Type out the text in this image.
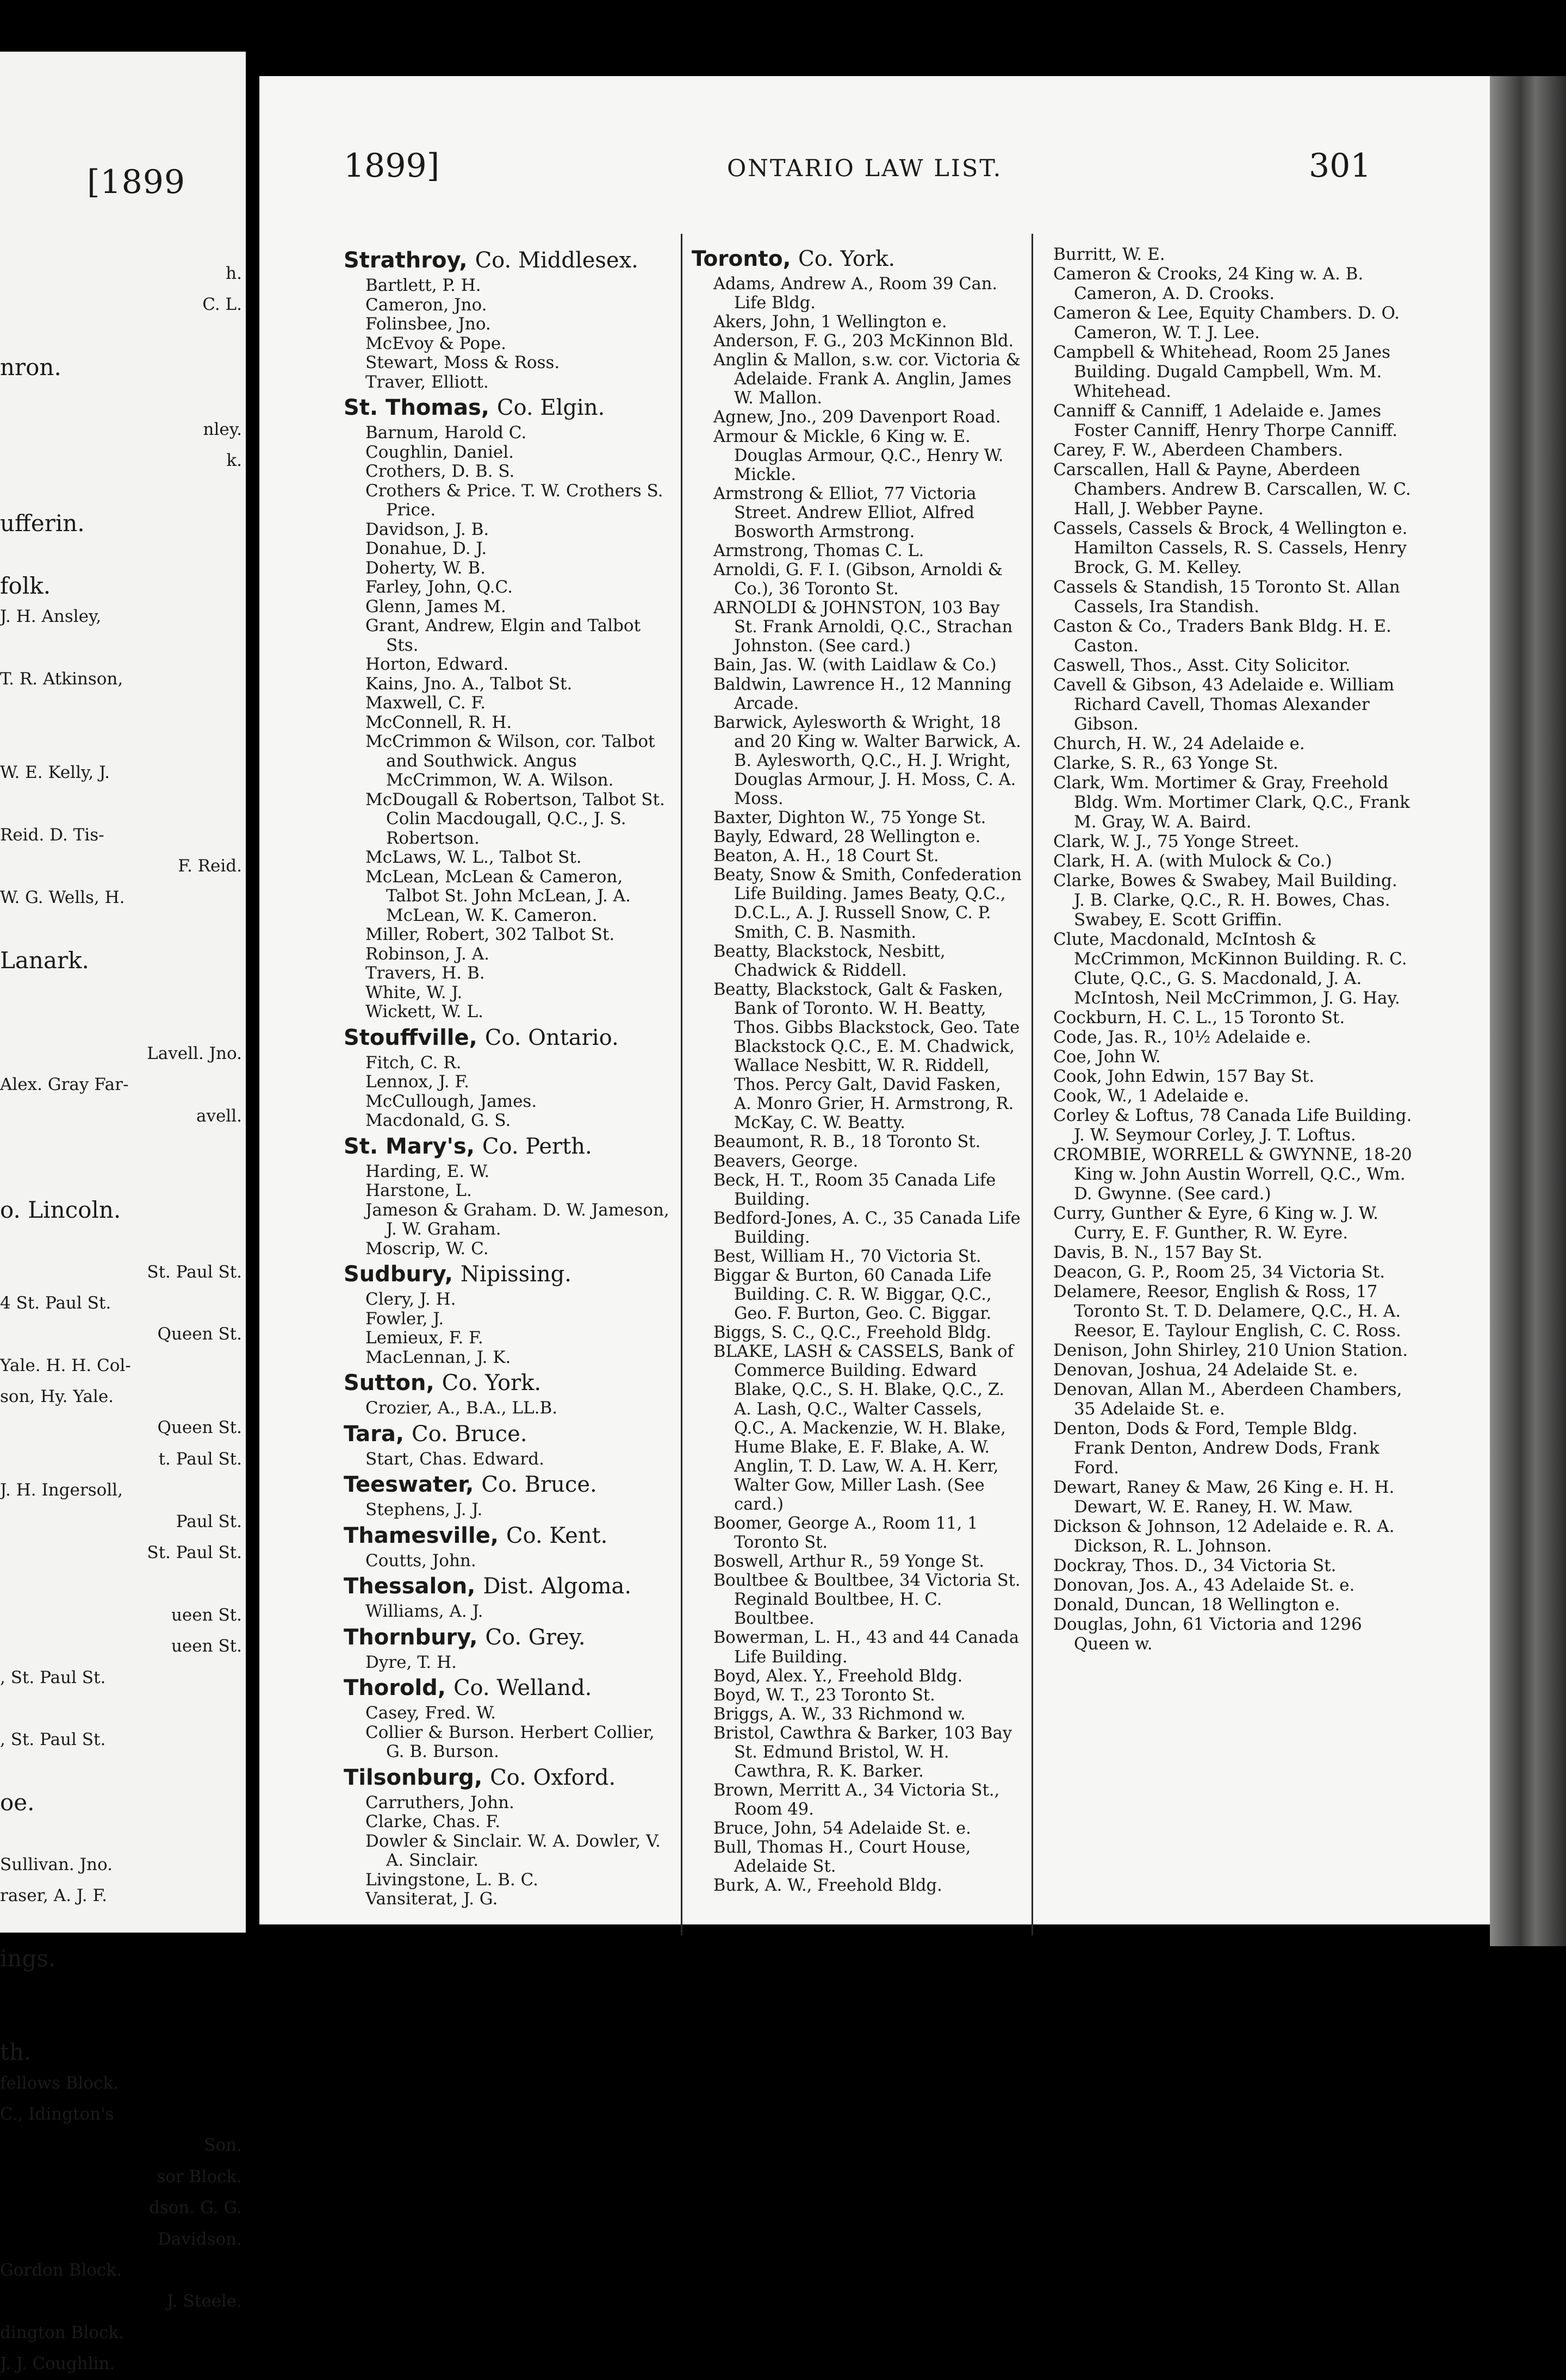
[1899
h.
C. L.
nron.
nley.
k.
ufferin.
folk.
J. H. Ansley,
T. R. Atkinson,
W. E. Kelly, J.
Reid. D. Tis-
F. Reid.
W. G. Wells, H.
Lanark.
Lavell. Jno.
Alex. Gray Far-
avell.
o. Lincoln.
St. Paul St.
4 St. Paul St.
Queen St.
Yale. H. H. Col-
son, Hy. Yale.
Queen St.
t. Paul St.
J. H. Ingersoll,
Paul St.
St. Paul St.
ueen St.
ueen St.
, St. Paul St.
, St. Paul St.
oe.
Sullivan. Jno.
raser, A. J. F.
ings.
th.
fellows Block.
C., Idington's
Son.
sor Block.
dson. G. G.
Davidson.
Gordon Block.
J. Steele.
dington Block.
J. J. Coughlin.
1899]	ONTARIO LAW LIST.	301
Strathroy, Co. Middlesex.
Bartlett, P. H.
Cameron, Jno.
Folinsbee, Jno.
McEvoy & Pope.
Stewart, Moss & Ross.
Traver, Elliott.
St. Thomas, Co. Elgin.
Barnum, Harold C.
Coughlin, Daniel.
Crothers, D. B. S.
Crothers & Price. T. W. Crothers S. Price.
Davidson, J. B.
Donahue, D. J.
Doherty, W. B.
Farley, John, Q.C.
Glenn, James M.
Grant, Andrew, Elgin and Talbot Sts.
Horton, Edward.
Kains, Jno. A., Talbot St.
Maxwell, C. F.
McConnell, R. H.
McCrimmon & Wilson, cor. Talbot and Southwick. Angus McCrimmon, W. A. Wilson.
McDougall & Robertson, Talbot St. Colin Macdougall, Q.C., J. S. Robertson.
McLaws, W. L., Talbot St.
McLean, McLean & Cameron, Talbot St. John McLean, J. A. McLean, W. K. Cameron.
Miller, Robert, 302 Talbot St.
Robinson, J. A.
Travers, H. B.
White, W. J.
Wickett, W. L.
Stouffville, Co. Ontario.
Fitch, C. R.
Lennox, J. F.
McCullough, James.
Macdonald, G. S.
St. Mary's, Co. Perth.
Harding, E. W.
Harstone, L.
Jameson & Graham. D. W. Jameson, J. W. Graham.
Moscrip, W. C.
Sudbury, Nipissing.
Clery, J. H.
Fowler, J.
Lemieux, F. F.
MacLennan, J. K.
Sutton, Co. York.
Crozier, A., B.A., LL.B.
Tara, Co. Bruce.
Start, Chas. Edward.
Teeswater, Co. Bruce.
Stephens, J. J.
Thamesville, Co. Kent.
Coutts, John.
Thessalon, Dist. Algoma.
Williams, A. J.
Thornbury, Co. Grey.
Dyre, T. H.
Thorold, Co. Welland.
Casey, Fred. W.
Collier & Burson. Herbert Collier, G. B. Burson.
Tilsonburg, Co. Oxford.
Carruthers, John.
Clarke, Chas. F.
Dowler & Sinclair. W. A. Dowler, V. A. Sinclair.
Livingstone, L. B. C.
Vansiterat, J. G.
Toronto, Co. York.
Adams, Andrew A., Room 39 Can. Life Bldg.
Akers, John, 1 Wellington e.
Anderson, F. G., 203 McKinnon Bld.
Anglin & Mallon, s.w. cor. Victoria & Adelaide. Frank A. Anglin, James W. Mallon.
Agnew, Jno., 209 Davenport Road.
Armour & Mickle, 6 King w. E. Douglas Armour, Q.C., Henry W. Mickle.
Armstrong & Elliot, 77 Victoria Street. Andrew Elliot, Alfred Bosworth Armstrong.
Armstrong, Thomas C. L.
Arnoldi, G. F. I. (Gibson, Arnoldi & Co.), 36 Toronto St.
ARNOLDI & JOHNSTON, 103 Bay St. Frank Arnoldi, Q.C., Strachan Johnston. (See card.)
Bain, Jas. W. (with Laidlaw & Co.)
Baldwin, Lawrence H., 12 Manning Arcade.
Barwick, Aylesworth & Wright, 18 and 20 King w. Walter Barwick, A. B. Aylesworth, Q.C., H. J. Wright, Douglas Armour, J. H. Moss, C. A. Moss.
Baxter, Dighton W., 75 Yonge St.
Bayly, Edward, 28 Wellington e.
Beaton, A. H., 18 Court St.
Beaty, Snow & Smith, Confederation Life Building. James Beaty, Q.C., D.C.L., A. J. Russell Snow, C. P. Smith, C. B. Nasmith.
Beatty, Blackstock, Nesbitt, Chadwick & Riddell.
Beatty, Blackstock, Galt & Fasken, Bank of Toronto. W. H. Beatty, Thos. Gibbs Blackstock, Geo. Tate Blackstock Q.C., E. M. Chadwick, Wallace Nesbitt, W. R. Riddell, Thos. Percy Galt, David Fasken, A. Monro Grier, H. Armstrong, R. McKay, C. W. Beatty.
Beaumont, R. B., 18 Toronto St.
Beavers, George.
Beck, H. T., Room 35 Canada Life Building.
Bedford-Jones, A. C., 35 Canada Life Building.
Best, William H., 70 Victoria St.
Biggar & Burton, 60 Canada Life Building. C. R. W. Biggar, Q.C., Geo. F. Burton, Geo. C. Biggar.
Biggs, S. C., Q.C., Freehold Bldg.
BLAKE, LASH & CASSELS, Bank of Commerce Building. Edward Blake, Q.C., S. H. Blake, Q.C., Z. A. Lash, Q.C., Walter Cassels, Q.C., A. Mackenzie, W. H. Blake, Hume Blake, E. F. Blake, A. W. Anglin, T. D. Law, W. A. H. Kerr, Walter Gow, Miller Lash. (See card.)
Boomer, George A., Room 11, 1 Toronto St.
Boswell, Arthur R., 59 Yonge St.
Boultbee & Boultbee, 34 Victoria St. Reginald Boultbee, H. C. Boultbee.
Bowerman, L. H., 43 and 44 Canada Life Building.
Boyd, Alex. Y., Freehold Bldg.
Boyd, W. T., 23 Toronto St.
Briggs, A. W., 33 Richmond w.
Bristol, Cawthra & Barker, 103 Bay St. Edmund Bristol, W. H. Cawthra, R. K. Barker.
Brown, Merritt A., 34 Victoria St., Room 49.
Bruce, John, 54 Adelaide St. e.
Bull, Thomas H., Court House, Adelaide St.
Burk, A. W., Freehold Bldg.
Burritt, W. E.
Cameron & Crooks, 24 King w. A. B. Cameron, A. D. Crooks.
Cameron & Lee, Equity Chambers. D. O. Cameron, W. T. J. Lee.
Campbell & Whitehead, Room 25 Janes Building. Dugald Campbell, Wm. M. Whitehead.
Canniff & Canniff, 1 Adelaide e. James Foster Canniff, Henry Thorpe Canniff.
Carey, F. W., Aberdeen Chambers.
Carscallen, Hall & Payne, Aberdeen Chambers. Andrew B. Carscallen, W. C. Hall, J. Webber Payne.
Cassels, Cassels & Brock, 4 Wellington e. Hamilton Cassels, R. S. Cassels, Henry Brock, G. M. Kelley.
Cassels & Standish, 15 Toronto St. Allan Cassels, Ira Standish.
Caston & Co., Traders Bank Bldg. H. E. Caston.
Caswell, Thos., Asst. City Solicitor.
Cavell & Gibson, 43 Adelaide e. William Richard Cavell, Thomas Alexander Gibson.
Church, H. W., 24 Adelaide e.
Clarke, S. R., 63 Yonge St.
Clark, Wm. Mortimer & Gray, Freehold Bldg. Wm. Mortimer Clark, Q.C., Frank M. Gray, W. A. Baird.
Clark, W. J., 75 Yonge Street.
Clark, H. A. (with Mulock & Co.)
Clarke, Bowes & Swabey, Mail Building. J. B. Clarke, Q.C., R. H. Bowes, Chas. Swabey, E. Scott Griffin.
Clute, Macdonald, McIntosh & McCrimmon, McKinnon Building. R. C. Clute, Q.C., G. S. Macdonald, J. A. McIntosh, Neil McCrimmon, J. G. Hay.
Cockburn, H. C. L., 15 Toronto St.
Code, Jas. R., 10½ Adelaide e.
Coe, John W.
Cook, John Edwin, 157 Bay St.
Cook, W., 1 Adelaide e.
Corley & Loftus, 78 Canada Life Building. J. W. Seymour Corley, J. T. Loftus.
CROMBIE, WORRELL & GWYNNE, 18-20 King w. John Austin Worrell, Q.C., Wm. D. Gwynne. (See card.)
Curry, Gunther & Eyre, 6 King w. J. W. Curry, E. F. Gunther, R. W. Eyre.
Davis, B. N., 157 Bay St.
Deacon, G. P., Room 25, 34 Victoria St.
Delamere, Reesor, English & Ross, 17 Toronto St. T. D. Delamere, Q.C., H. A. Reesor, E. Taylour English, C. C. Ross.
Denison, John Shirley, 210 Union Station.
Denovan, Joshua, 24 Adelaide St. e.
Denovan, Allan M., Aberdeen Chambers, 35 Adelaide St. e.
Denton, Dods & Ford, Temple Bldg. Frank Denton, Andrew Dods, Frank Ford.
Dewart, Raney & Maw, 26 King e. H. H. Dewart, W. E. Raney, H. W. Maw.
Dickson & Johnson, 12 Adelaide e. R. A. Dickson, R. L. Johnson.
Dockray, Thos. D., 34 Victoria St.
Donovan, Jos. A., 43 Adelaide St. e.
Donald, Duncan, 18 Wellington e.
Douglas, John, 61 Victoria and 1296 Queen w.
